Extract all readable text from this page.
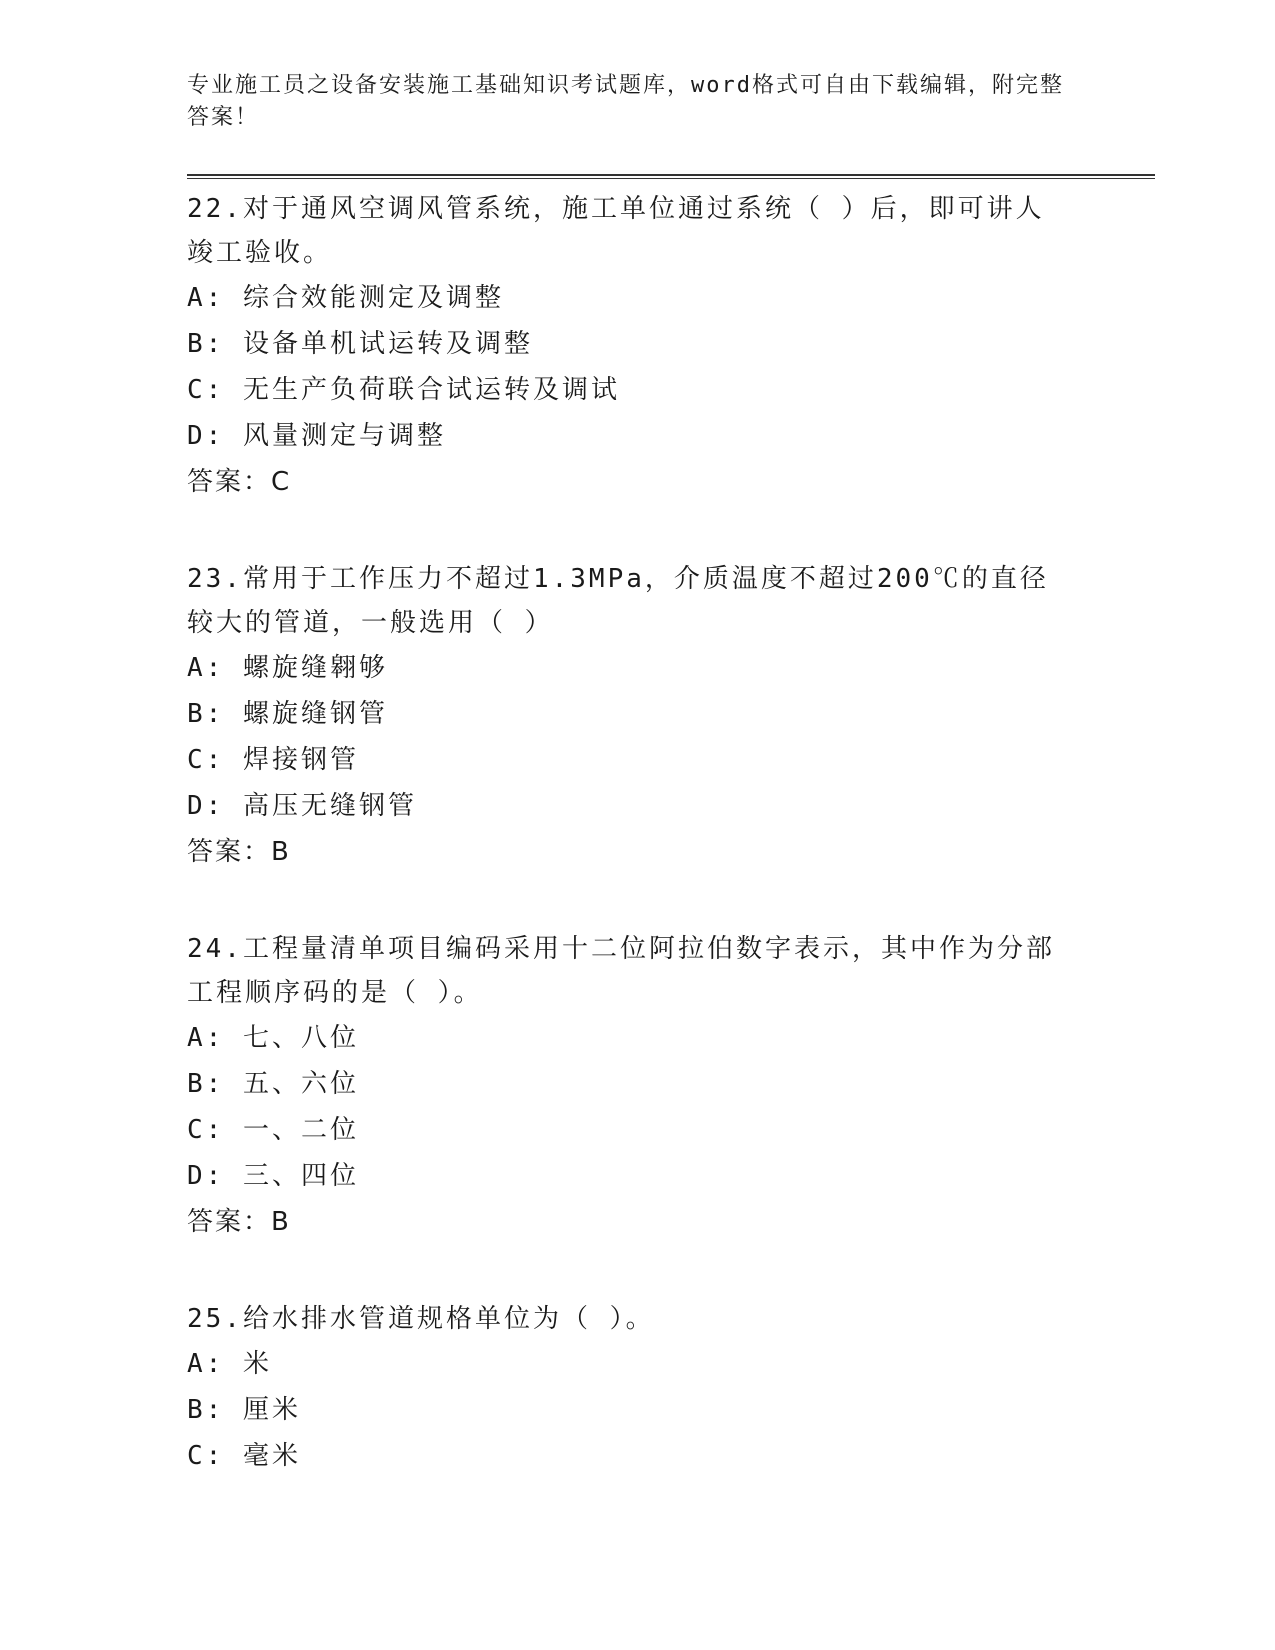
专业施工员之设备安装施工基础知识考试题库，word格式可自由下载编辑，附完整答案！
22.对于通风空调风管系统，施工单位通过系统（ ）后，即可讲人竣工验收。
A: 综合效能测定及调整
B: 设备单机试运转及调整
C: 无生产负荷联合试运转及调试
D: 风量测定与调整
答案：C
23.常用于工作压力不超过1.3MPa，介质温度不超过200℃的直径较大的管道，一般选用（ ）
A: 螺旋缝翱够
B: 螺旋缝钢管
C: 焊接钢管
D: 高压无缝钢管
答案：B
24.工程量清单项目编码采用十二位阿拉伯数字表示，其中作为分部工程顺序码的是（ ）。
A: 七、八位
B: 五、六位
C: 一、二位
D: 三、四位
答案：B
25.给水排水管道规格单位为（ ）。
A: 米
B: 厘米
C: 毫米
